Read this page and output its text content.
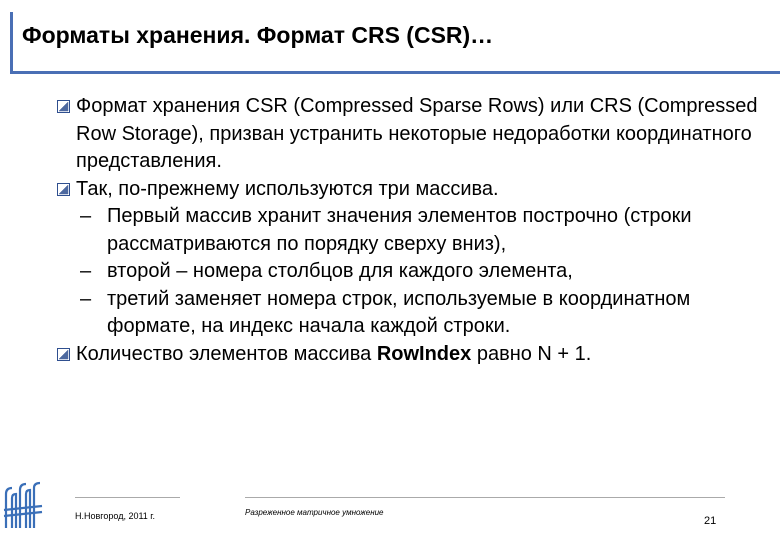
Форматы хранения. Формат CRS (CSR)…
Формат хранения CSR (Compressed Sparse Rows) или CRS (Compressed Row Storage), призван устранить некоторые недоработки координатного представления.
Так, по-прежнему используются три массива.
– Первый массив хранит значения элементов построчно (строки рассматриваются по порядку сверху вниз),
– второй – номера столбцов для каждого элемента,
– третий заменяет номера строк, используемые в координатном формате, на индекс начала каждой строки.
Количество элементов массива RowIndex равно N + 1.
Н.Новгород, 2011 г.	Разреженное матричное умножение
21
